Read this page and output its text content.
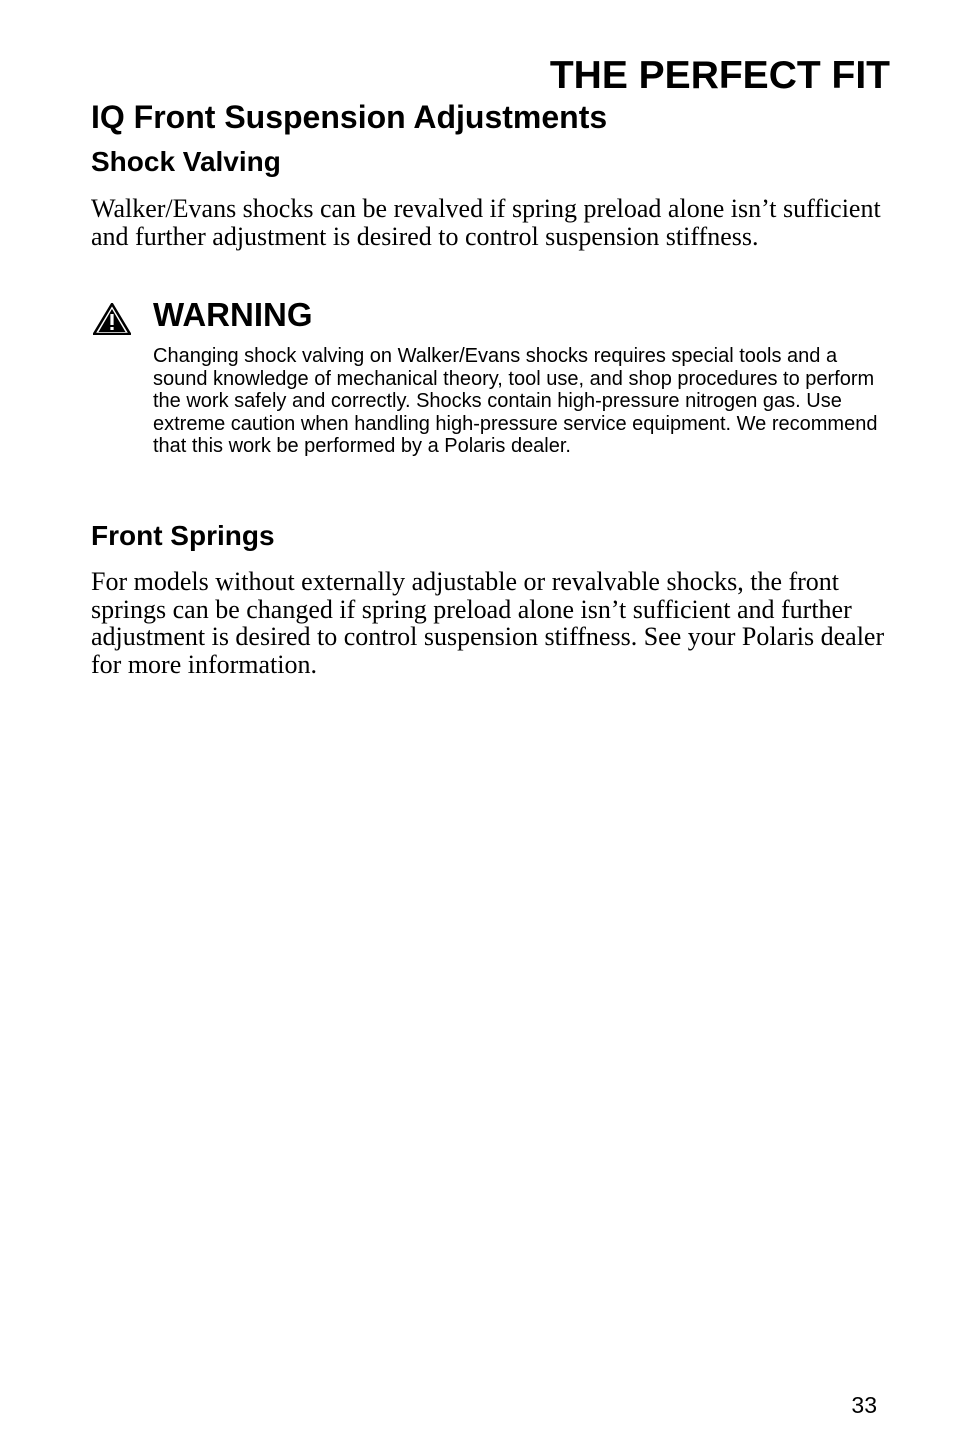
THE PERFECT FIT
IQ Front Suspension Adjustments
Shock Valving

Walker/Evans shocks can be revalved if spring preload alone isn’t sufficient and further adjustment is desired to control suspension stiffness.

WARNING

Changing shock valving on Walker/Evans shocks requires special tools and a sound knowledge of mechanical theory, tool use, and shop procedures to perform the work safely and correctly. Shocks contain high-pressure nitrogen gas. Use extreme caution when handling high-pressure service equipment. We recommend that this work be performed by a Polaris dealer.

Front Springs

For models without externally adjustable or revalvable shocks, the front springs can be changed if spring preload alone isn’t sufficient and further adjustment is desired to control suspension stiffness. See your Polaris dealer for more information.

33
